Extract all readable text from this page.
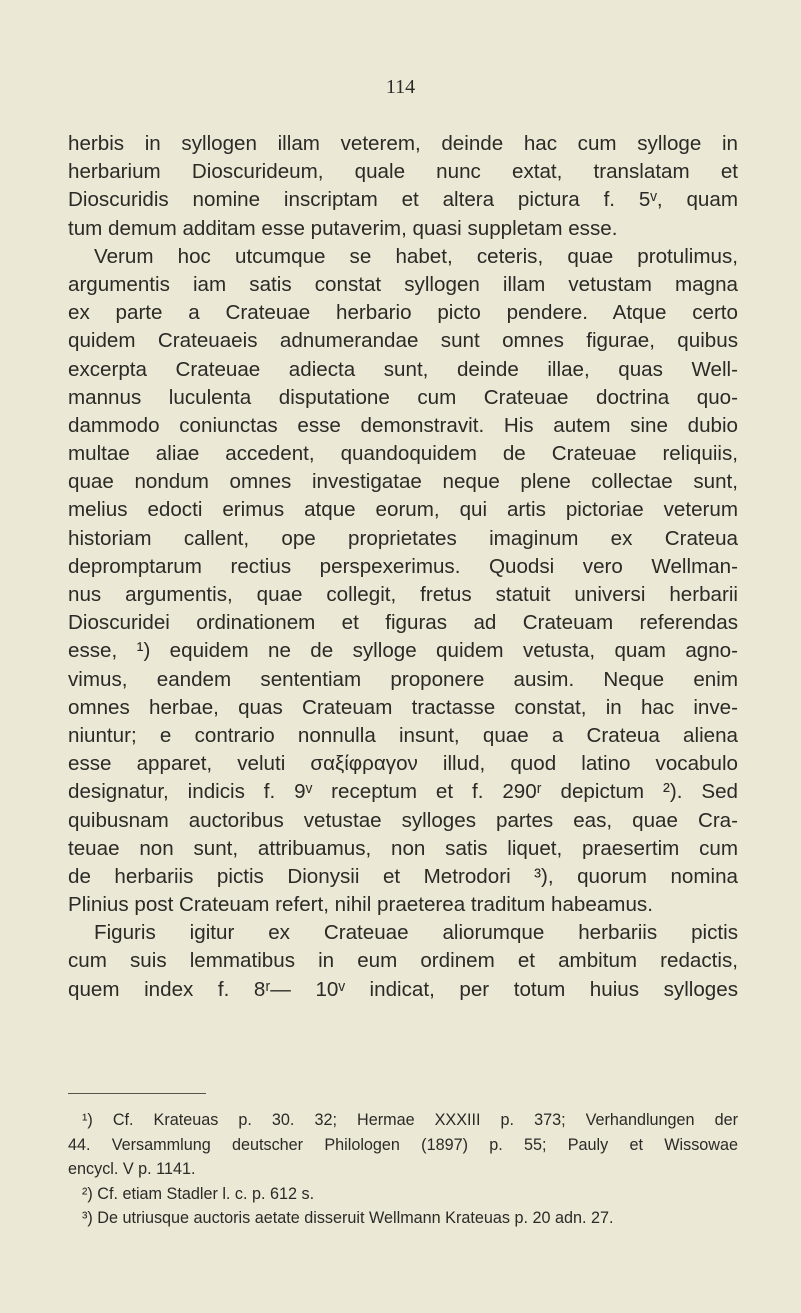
114
herbis in syllogen illam veterem, deinde hac cum sylloge in
herbarium Dioscurideum, quale nunc extat, translatam et
Dioscuridis nomine inscriptam et altera pictura f. 5ᵛ, quam
tum demum additam esse putaverim, quasi suppletam esse.
Verum hoc utcumque se habet, ceteris, quae protulimus,
argumentis iam satis constat syllogen illam vetustam magna
ex parte a Crateuae herbario picto pendere. Atque certo
quidem Crateuaeis adnumerandae sunt omnes figurae, quibus
excerpta Crateuae adiecta sunt, deinde illae, quas Well-
mannus luculenta disputatione cum Crateuae doctrina quo-
dammodo coniunctas esse demonstravit. His autem sine dubio
multae aliae accedent, quandoquidem de Crateuae reliquiis,
quae nondum omnes investigatae neque plene collectae sunt,
melius edocti erimus atque eorum, qui artis pictoriae veterum
historiam callent, ope proprietates imaginum ex Crateua
depromptarum rectius perspexerimus. Quodsi vero Wellman-
nus argumentis, quae collegit, fretus statuit universi herbarii
Dioscuridei ordinationem et figuras ad Crateuam referendas
esse, ¹) equidem ne de sylloge quidem vetusta, quam agno-
vimus, eandem sententiam proponere ausim. Neque enim
omnes herbae, quas Crateuam tractasse constat, in hac inve-
niuntur; e contrario nonnulla insunt, quae a Crateua aliena
esse apparet, veluti σαξίφραγον illud, quod latino vocabulo
designatur, indicis f. 9ᵛ receptum et f. 290ʳ depictum ²). Sed
quibusnam auctoribus vetustae sylloges partes eas, quae Cra-
teuae non sunt, attribuamus, non satis liquet, praesertim cum
de herbariis pictis Dionysii et Metrodori ³), quorum nomina
Plinius post Crateuam refert, nihil praeterea traditum habeamus.
Figuris igitur ex Crateuae aliorumque herbariis pictis
cum suis lemmatibus in eum ordinem et ambitum redactis,
quem index f. 8ʳ— 10ᵛ indicat, per totum huius sylloges
¹) Cf. Krateuas p. 30. 32; Hermae XXXIII p. 373; Verhandlungen der
44. Versammlung deutscher Philologen (1897) p. 55; Pauly et Wissowae
encycl. V p. 1141.
²) Cf. etiam Stadler l. c. p. 612 s.
³) De utriusque auctoris aetate disseruit Wellmann Krateuas p. 20 adn. 27.
